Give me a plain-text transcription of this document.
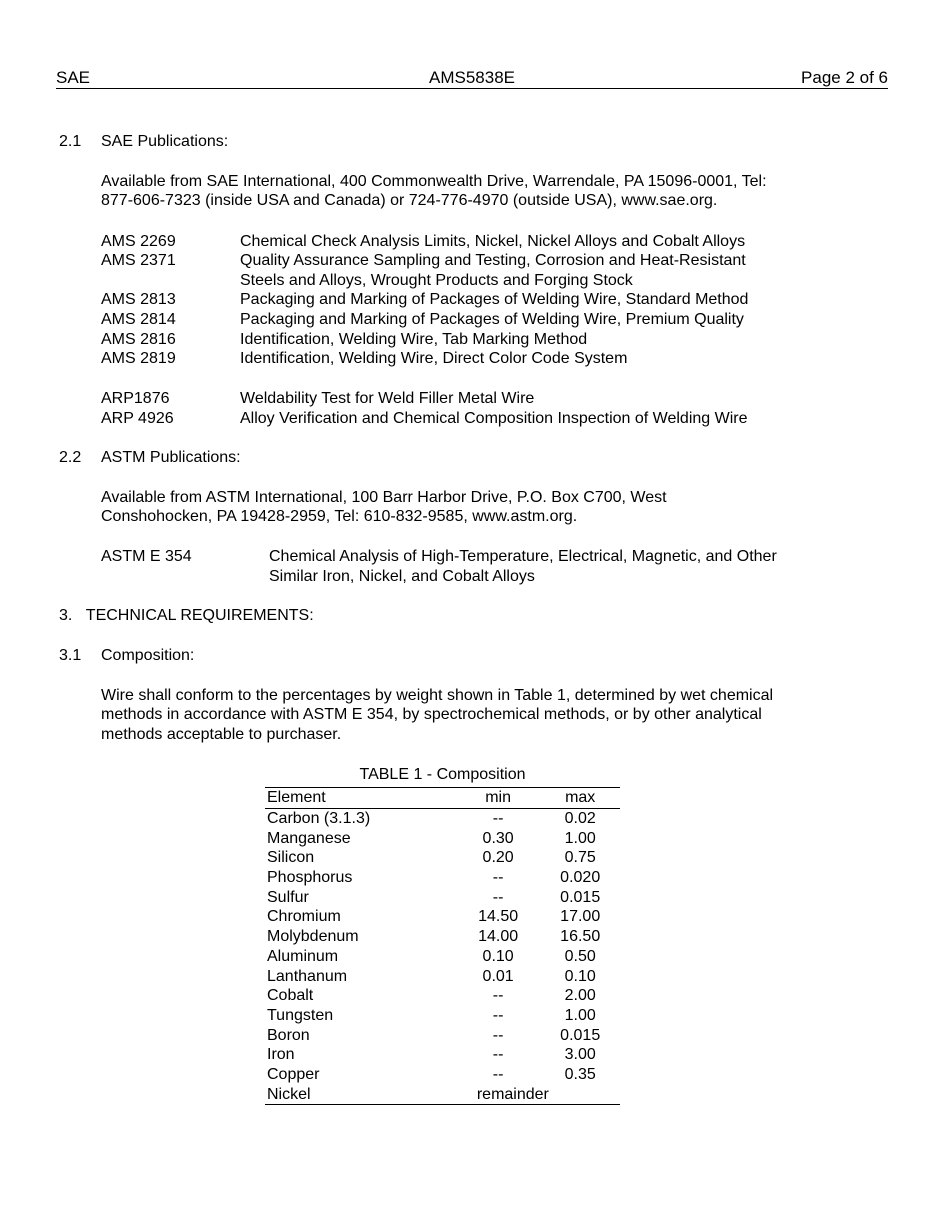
SAE	AMS5838E	Page 2 of 6
2.1 SAE Publications:
Available from SAE International, 400 Commonwealth Drive, Warrendale, PA 15096-0001, Tel:
877-606-7323 (inside USA and Canada) or 724-776-4970 (outside USA), www.sae.org.
AMS 2269	Chemical Check Analysis Limits, Nickel, Nickel Alloys and Cobalt Alloys
AMS 2371	Quality Assurance Sampling and Testing, Corrosion and Heat-Resistant
Steels and Alloys, Wrought Products and Forging Stock
AMS 2813	Packaging and Marking of Packages of Welding Wire, Standard Method
AMS 2814	Packaging and Marking of Packages of Welding Wire, Premium Quality
AMS 2816	Identification, Welding Wire, Tab Marking Method
AMS 2819	Identification, Welding Wire, Direct Color Code System
ARP1876	Weldability Test for Weld Filler Metal Wire
ARP 4926	Alloy Verification and Chemical Composition Inspection of Welding Wire
2.2 ASTM Publications:
Available from ASTM International, 100 Barr Harbor Drive, P.O. Box C700, West
Conshohocken, PA 19428-2959, Tel: 610-832-9585, www.astm.org.
ASTM E 354	Chemical Analysis of High-Temperature, Electrical, Magnetic, and Other
Similar Iron, Nickel, and Cobalt Alloys
3. TECHNICAL REQUIREMENTS:
3.1 Composition:
Wire shall conform to the percentages by weight shown in Table 1, determined by wet chemical
methods in accordance with ASTM E 354, by spectrochemical methods, or by other analytical
methods acceptable to purchaser.
TABLE 1 - Composition
Element	min	max
Carbon (3.1.3)	--	0.02
Manganese	0.30	1.00
Silicon	0.20	0.75
Phosphorus	--	0.020
Sulfur	--	0.015
Chromium	14.50	17.00
Molybdenum	14.00	16.50
Aluminum	0.10	0.50
Lanthanum	0.01	0.10
Cobalt	--	2.00
Tungsten	--	1.00
Boron	--	0.015
Iron	--	3.00
Copper	--	0.35
Nickel	remainder	
